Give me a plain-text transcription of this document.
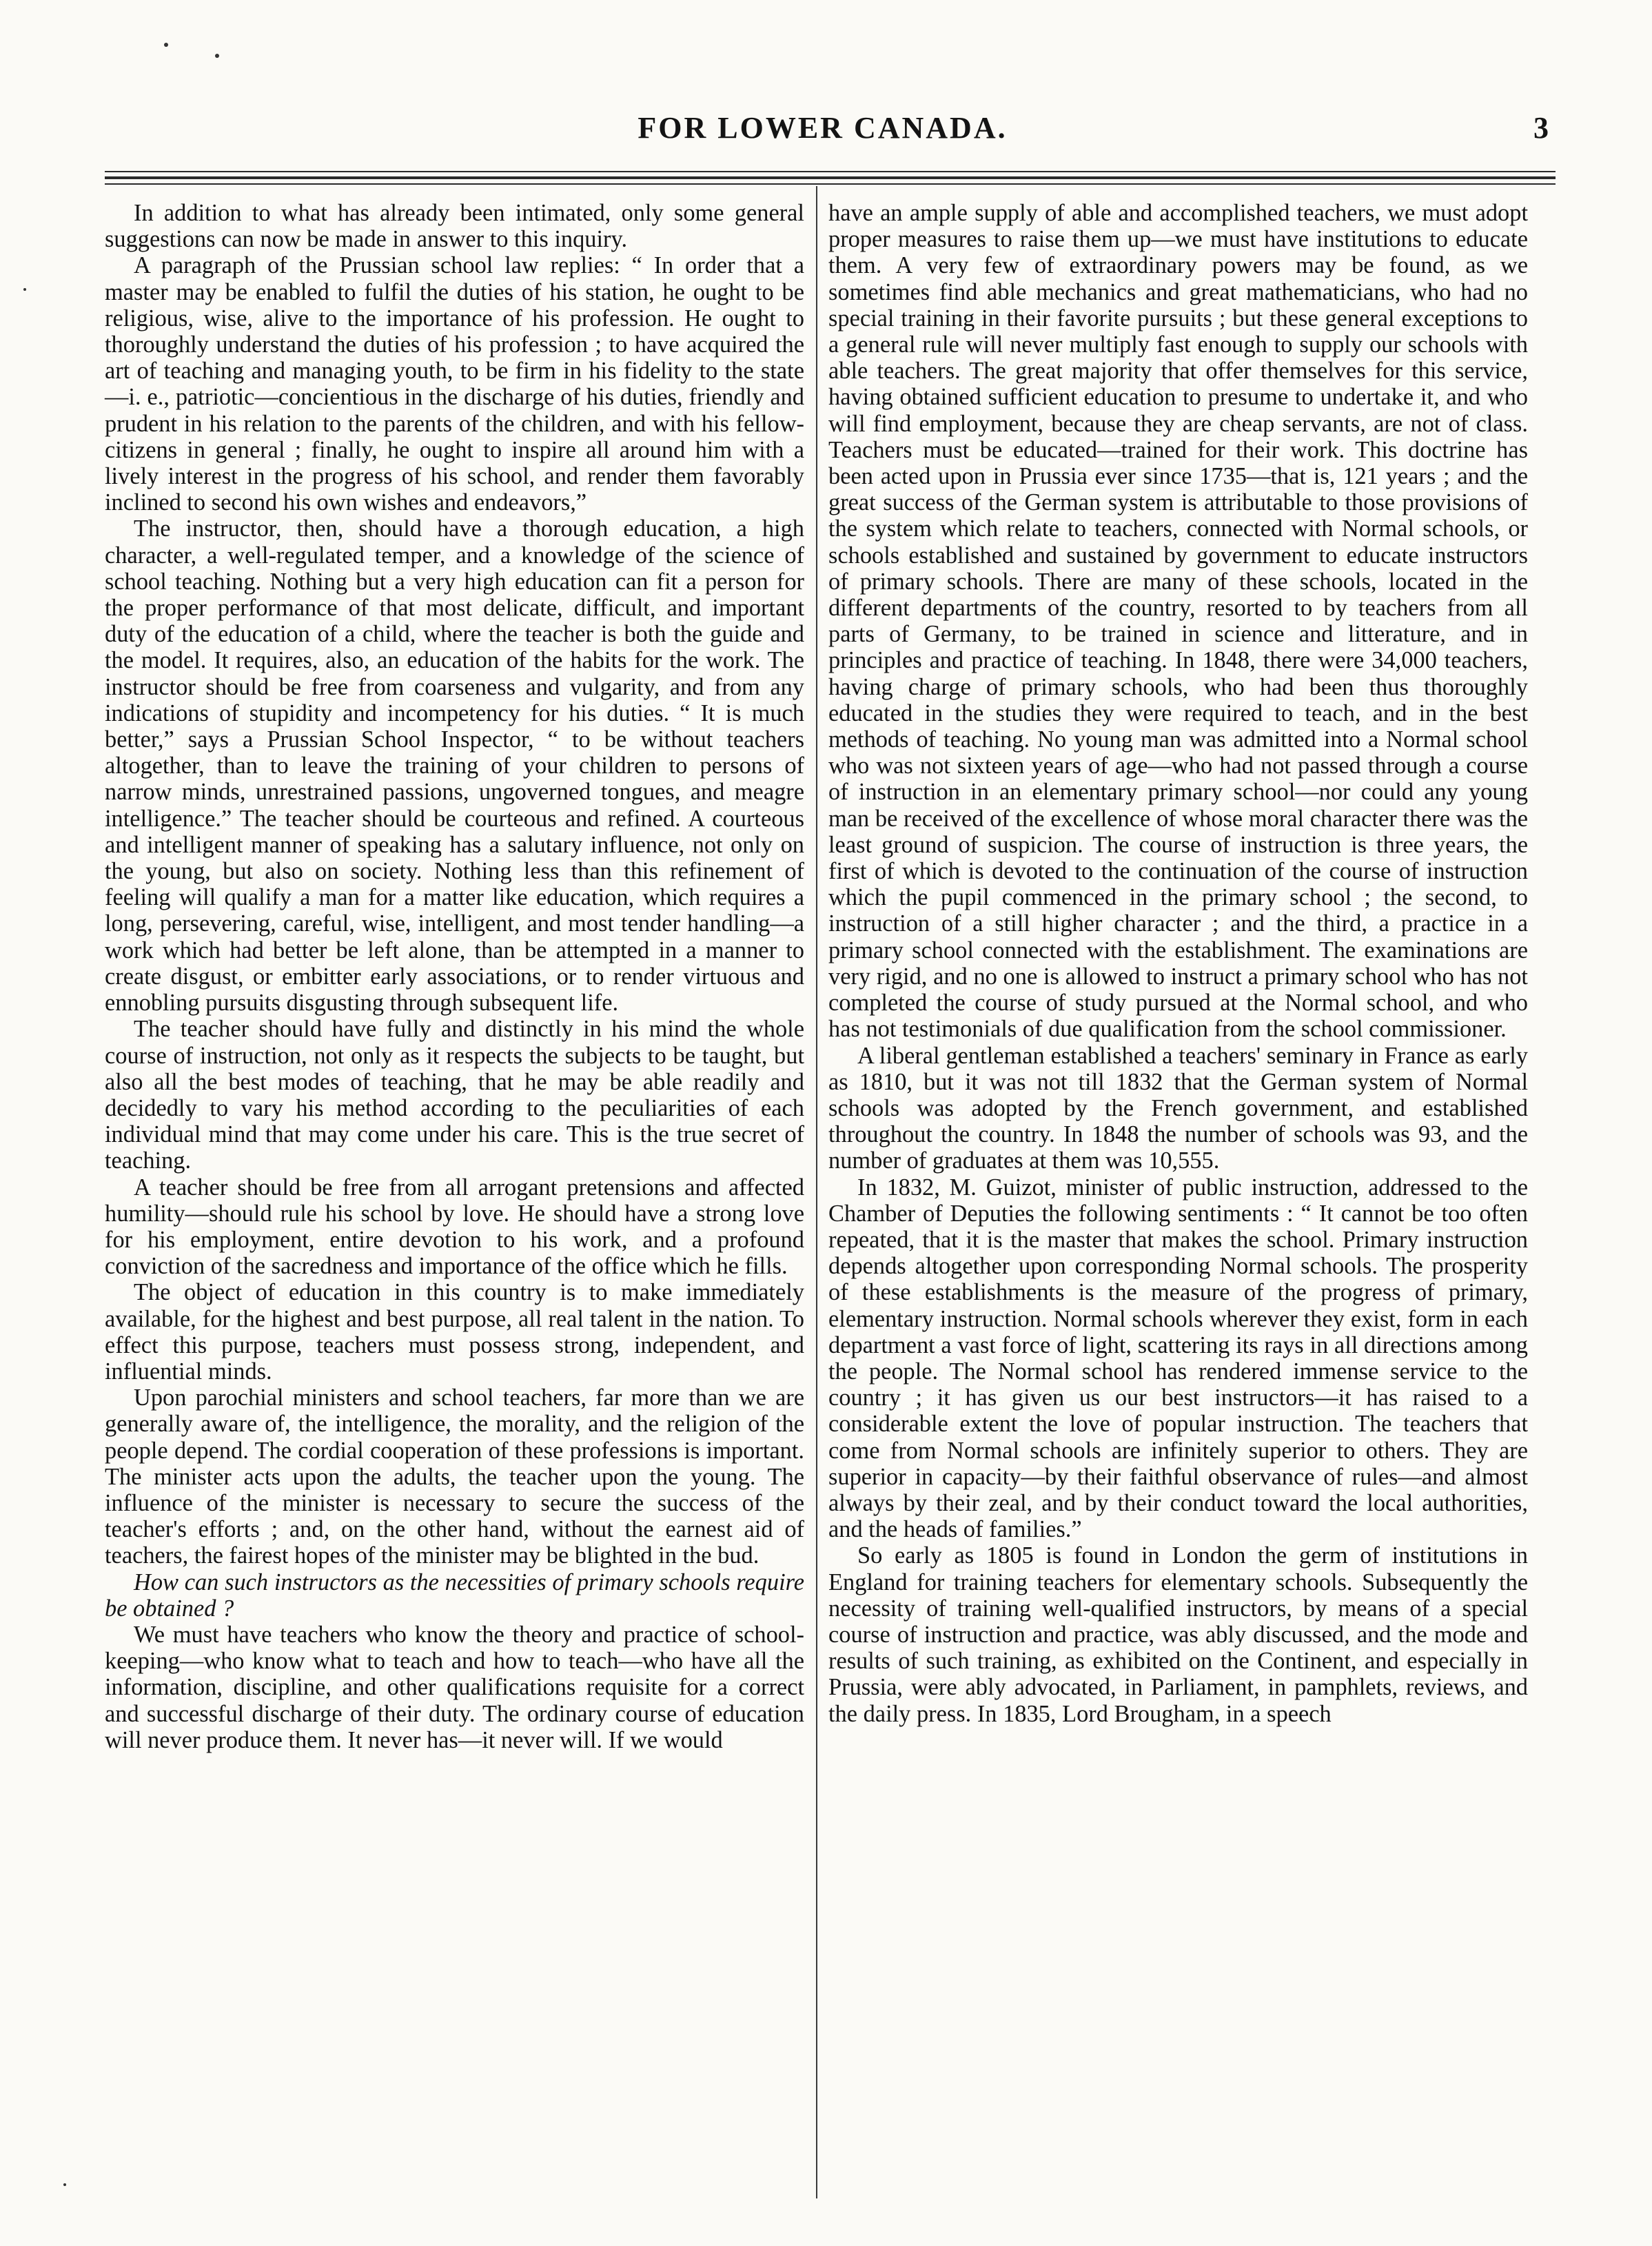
FOR LOWER CANADA.	3

In addition to what has already been intimated, only some general suggestions can now be made in answer to this inquiry.

A paragraph of the Prussian school law replies: “ In order that a master may be enabled to fulfil the duties of his station, he ought to be religious, wise, alive to the importance of his profession. He ought to thoroughly understand the duties of his profession ; to have acquired the art of teaching and managing youth, to be firm in his fidelity to the state—i. e., patriotic—concientious in the discharge of his duties, friendly and prudent in his relation to the parents of the children, and with his fellow-citizens in general ; finally, he ought to inspire all around him with a lively interest in the progress of his school, and render them favorably inclined to second his own wishes and endeavors,”

The instructor, then, should have a thorough education, a high character, a well-regulated temper, and a knowledge of the science of school teaching. Nothing but a very high education can fit a person for the proper performance of that most delicate, difficult, and important duty of the education of a child, where the teacher is both the guide and the model. It requires, also, an education of the habits for the work. The instructor should be free from coarseness and vulgarity, and from any indications of stupidity and incompetency for his duties. “ It is much better,” says a Prussian School Inspector, “ to be without teachers altogether, than to leave the training of your children to persons of narrow minds, unrestrained passions, ungoverned tongues, and meagre intelligence.” The teacher should be courteous and refined. A courteous and intelligent manner of speaking has a salutary influence, not only on the young, but also on society. Nothing less than this refinement of feeling will qualify a man for a matter like education, which requires a long, persevering, careful, wise, intelligent, and most tender handling—a work which had better be left alone, than be attempted in a manner to create disgust, or embitter early associations, or to render virtuous and ennobling pursuits disgusting through subsequent life.

The teacher should have fully and distinctly in his mind the whole course of instruction, not only as it respects the subjects to be taught, but also all the best modes of teaching, that he may be able readily and decidedly to vary his method according to the peculiarities of each individual mind that may come under his care. This is the true secret of teaching.

A teacher should be free from all arrogant pretensions and affected humility—should rule his school by love. He should have a strong love for his employment, entire devotion to his work, and a profound conviction of the sacredness and importance of the office which he fills.

The object of education in this country is to make immediately available, for the highest and best purpose, all real talent in the nation. To effect this purpose, teachers must possess strong, independent, and influential minds.

Upon parochial ministers and school teachers, far more than we are generally aware of, the intelligence, the morality, and the religion of the people depend. The cordial cooperation of these professions is important. The minister acts upon the adults, the teacher upon the young. The influence of the minister is necessary to secure the success of the teacher's efforts ; and, on the other hand, without the earnest aid of teachers, the fairest hopes of the minister may be blighted in the bud.

How can such instructors as the necessities of primary schools require be obtained ?

We must have teachers who know the theory and practice of school-keeping—who know what to teach and how to teach—who have all the information, discipline, and other qualifications requisite for a correct and successful discharge of their duty. The ordinary course of education will never produce them. It never has—it never will. If we would

have an ample supply of able and accomplished teachers, we must adopt proper measures to raise them up—we must have institutions to educate them. A very few of extraordinary powers may be found, as we sometimes find able mechanics and great mathematicians, who had no special training in their favorite pursuits ; but these general exceptions to a general rule will never multiply fast enough to supply our schools with able teachers. The great majority that offer themselves for this service, having obtained sufficient education to presume to undertake it, and who will find employment, because they are cheap servants, are not of class. Teachers must be educated—trained for their work. This doctrine has been acted upon in Prussia ever since 1735—that is, 121 years ; and the great success of the German system is attributable to those provisions of the system which relate to teachers, connected with Normal schools, or schools established and sustained by government to educate instructors of primary schools. There are many of these schools, located in the different departments of the country, resorted to by teachers from all parts of Germany, to be trained in science and litterature, and in principles and practice of teaching. In 1848, there were 34,000 teachers, having charge of primary schools, who had been thus thoroughly educated in the studies they were required to teach, and in the best methods of teaching. No young man was admitted into a Normal school who was not sixteen years of age—who had not passed through a course of instruction in an elementary primary school—nor could any young man be received of the excellence of whose moral character there was the least ground of suspicion. The course of instruction is three years, the first of which is devoted to the continuation of the course of instruction which the pupil commenced in the primary school ; the second, to instruction of a still higher character ; and the third, a practice in a primary school connected with the establishment. The examinations are very rigid, and no one is allowed to instruct a primary school who has not completed the course of study pursued at the Normal school, and who has not testimonials of due qualification from the school commissioner.

A liberal gentleman established a teachers' seminary in France as early as 1810, but it was not till 1832 that the German system of Normal schools was adopted by the French government, and established throughout the country. In 1848 the number of schools was 93, and the number of graduates at them was 10,555.

In 1832, M. Guizot, minister of public instruction, addressed to the Chamber of Deputies the following sentiments : “ It cannot be too often repeated, that it is the master that makes the school. Primary instruction depends altogether upon corresponding Normal schools. The prosperity of these establishments is the measure of the progress of primary, elementary instruction. Normal schools wherever they exist, form in each department a vast force of light, scattering its rays in all directions among the people. The Normal school has rendered immense service to the country ; it has given us our best instructors—it has raised to a considerable extent the love of popular instruction. The teachers that come from Normal schools are infinitely superior to others. They are superior in capacity—by their faithful observance of rules—and almost always by their zeal, and by their conduct toward the local authorities, and the heads of families.”

So early as 1805 is found in London the germ of institutions in England for training teachers for elementary schools. Subsequently the necessity of training well-qualified instructors, by means of a special course of instruction and practice, was ably discussed, and the mode and results of such training, as exhibited on the Continent, and especially in Prussia, were ably advocated, in Parliament, in pamphlets, reviews, and the daily press. In 1835, Lord Brougham, in a speech
